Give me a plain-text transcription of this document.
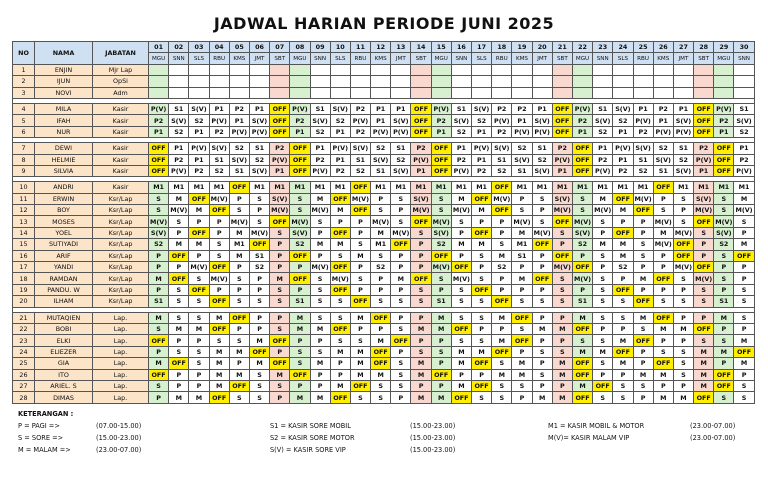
JADWAL HARIAN PERIODE JUNI 2025
NO	NAMA	JABATAN	01	02	03	04	05	06	07	08	09	10	11	12	13	14	15	16	17	18	19	20	21	22	23	24	25	26	27	28	29	30
			MGU	SNN	SLS	RBU	KMS	JMT	SBT	MGU	SNN	SLS	RBU	KMS	JMT	SBT	MGU	SNN	SLS	RBU	KMS	JMT	SBT	MGU	SNN	SLS	RBU	KMS	JMT	SBT	MGU	SNN
1	ENJIN	Mjr Lap																														
2	IJUN	OpSi																														
3	NOVI	Adm																														

4	MILA	Kasir	P(V)	S1	S(V)	P1	P2	P1	OFF	P(V)	S1	S(V)	P2	P1	P1	OFF	P(V)	S1	S(V)	P2	P2	P1	OFF	P(V)	S1	S(V)	P1	P2	P1	OFF	P(V)	S1
5	IFAH	Kasir	P2	S(V)	S2	P(V)	P1	S(V)	OFF	P2	S(V)	S2	P(V)	P1	S(V)	OFF	P2	S(V)	S2	P(V)	P1	S(V)	OFF	P2	S(V)	S2	P(V)	P1	S(V)	OFF	P2	S(V)
6	NUR	Kasir	P1	S2	P1	P2	P(V)	P(V)	OFF	P1	S2	P1	P2	P(V)	P(V)	OFF	P1	S2	P1	P2	P(V)	P(V)	OFF	P1	S2	P1	P2	P(V)	P(V)	OFF	P1	S2

7	DEWI	Kasir	OFF	P1	P(V)	S(V)	S2	S1	P2	OFF	P1	P(V)	S(V)	S2	S1	P2	OFF	P1	P(V)	S(V)	S2	S1	P2	OFF	P1	P(V)	S(V)	S2	S1	P2	OFF	P1
8	HELMIE	Kasir	OFF	P2	P1	S1	S(V)	S2	P(V)	OFF	P2	P1	S1	S(V)	S2	P(V)	OFF	P2	P1	S1	S(V)	S2	P(V)	OFF	P2	P1	S1	S(V)	S2	P(V)	OFF	P2
9	SILVIA	Kasir	OFF	P(V)	P2	S2	S1	S(V)	P1	OFF	P(V)	P2	S2	S1	S(V)	P1	OFF	P(V)	P2	S2	S1	S(V)	P1	OFF	P(V)	P2	S2	S1	S(V)	P1	OFF	P(V)

10	ANDRI	Kasir	M1	M1	M1	M1	OFF	M1	M1	M1	M1	M1	OFF	M1	M1	M1	M1	M1	M1	OFF	M1	M1	M1	M1	M1	M1	M1	OFF	M1	M1	M1	M1
11	ERWIN	Ksr/Lap	S	M	OFF	M(V)	P	S	S(V)	S	M	OFF	M(V)	P	S	S(V)	S	M	OFF	M(V)	P	S	S(V)	S	M	OFF	M(V)	P	S	S(V)	S	M
12	BOY	Ksr/Lap	S	M(V)	M	OFF	S	P	M(V)	S	M(V)	M	OFF	S	P	M(V)	S	M(V)	M	OFF	S	P	M(V)	S	M(V)	M	OFF	S	P	M(V)	S	M(V)
13	MOSES	Ksr/Lap	M(V)	S	P	P	M(V)	S	OFF	M(V)	S	P	P	M(V)	S	OFF	M(V)	S	P	P	M(V)	S	OFF	M(V)	S	P	P	M(V)	S	OFF	M(V)	S
14	YOEL	Ksr/Lap	S(V)	P	OFF	P	M	M(V)	S	S(V)	P	OFF	P	M	M(V)	S	S(V)	P	OFF	P	M	M(V)	S	S(V)	P	OFF	P	M	M(V)	S	S(V)	P
15	SUTIYADI	Ksr/Lap	S2	M	M	S	M1	OFF	P	S2	M	M	S	M1	OFF	P	S2	M	M	S	M1	OFF	P	S2	M	M	S	M(V)	OFF	P	S2	M
16	ARIF	Ksr/Lap	P	OFF	P	S	M	S1	P	OFF	P	S	M	S	P	P	OFF	P	S	M	S1	P	OFF	P	S	M	S	P	OFF	P	S	OFF
17	YANDI	Ksr/Lap	P	P	M(V)	OFF	P	S2	P	P	M(V)	OFF	P	S2	P	P	M(V)	OFF	P	S2	P	P	M(V)	OFF	P	S2	P	P	M(V)	OFF	P	P
18	RAMDAN	Ksr/Lap	M	OFF	S	M(V)	S	P	M	OFF	S	M(V)	S	P	M	OFF	S	M(V)	S	P	M	OFF	S	M(V)	S	P	M	OFF	S	M(V)	S	P
19	PANDU. W	Ksr/Lap	P	S	OFF	P	P	P	S	P	S	OFF	P	P	P	S	P	S	OFF	P	P	P	S	P	S	OFF	P	P	P	S	P	S
20	ILHAM	Ksr/Lap	S1	S	S	OFF	S	S	S	S1	S	S	OFF	S	S	S	S1	S	S	OFF	S	S	S	S1	S	S	OFF	S	S	S	S1	S

21	MUTAQIEN	Lap.	M	S	S	M	OFF	P	P	M	S	S	M	OFF	P	P	M	S	S	M	OFF	P	P	M	S	S	M	OFF	P	P	M	S
22	BOBI	Lap.	S	M	M	OFF	P	P	S	M	M	OFF	P	P	S	M	M	OFF	P	P	S	M	M	OFF	P	P	S	M	M	OFF	P	P
23	ELKI	Lap.	OFF	P	P	S	S	M	OFF	P	P	S	S	M	OFF	P	P	S	S	M	OFF	P	P	S	S	M	OFF	P	P	S	S	M
24	ELIEZER	Lap.	P	S	S	M	M	OFF	P	S	S	M	M	OFF	P	S	S	M	M	OFF	P	S	S	M	M	OFF	P	S	S	M	M	OFF
25	GIA	Lap.	M	OFF	S	M	P	M	OFF	S	M	P	M	OFF	S	M	P	M	OFF	S	M	P	M	OFF	S	M	P	OFF	S	M	P	M
26	ITO	Lap.	OFF	P	P	M	M	S	M	OFF	P	P	M	M	S	M	OFF	P	P	M	M	S	M	OFF	P	P	M	M	S	M	OFF	P
27	ARIEL. S	Lap.	S	P	P	M	OFF	S	S	P	P	M	OFF	S	S	P	P	M	OFF	S	S	P	P	M	OFF	S	S	P	P	M	OFF	S
28	DIMAS	Lap.	P	M	M	OFF	S	S	P	M	M	OFF	S	S	P	M	M	OFF	S	S	P	M	M	OFF	S	S	P	M	M	OFF	S	S
KETERANGAN :
P = PAGI =>	(07.00-15.00)
S = SORE =>	(15.00-23.00)
M = MALAM =>	(23.00-07.00)
S1 = KASIR SORE MOBIL	(15.00-23.00)
S2 = KASIR SORE MOTOR	(15.00-23.00)
S(V) = KASIR SORE VIP	(15.00-23.00)
M1 = KASIR MOBIL & MOTOR	(23.00-07.00)
M(V)= KASIR MALAM VIP	(23.00-07.00)
